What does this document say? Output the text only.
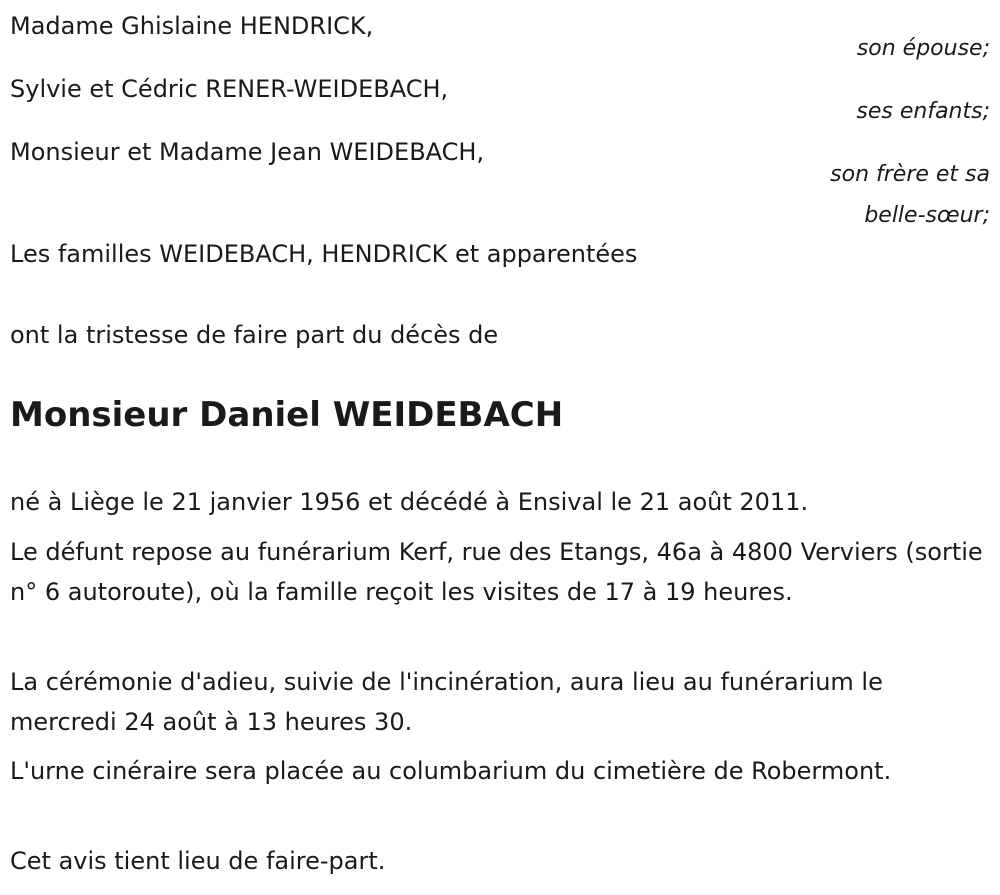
Madame Ghislaine HENDRICK,
son épouse;
Sylvie et Cédric RENER-WEIDEBACH,
ses enfants;
Monsieur et Madame Jean WEIDEBACH,
son frère et sa
belle-sœur;
Les familles WEIDEBACH, HENDRICK et apparentées
ont la tristesse de faire part du décès de
Monsieur Daniel WEIDEBACH
né à Liège le 21 janvier 1956 et décédé à Ensival le 21 août 2011.
Le défunt repose au funérarium Kerf, rue des Etangs, 46a à 4800 Verviers (sortie n° 6 autoroute), où la famille reçoit les visites de 17 à 19 heures.
La cérémonie d'adieu, suivie de l'incinération, aura lieu au funérarium le mercredi 24 août à 13 heures 30.
L'urne cinéraire sera placée au columbarium du cimetière de Robermont.
Cet avis tient lieu de faire-part.
